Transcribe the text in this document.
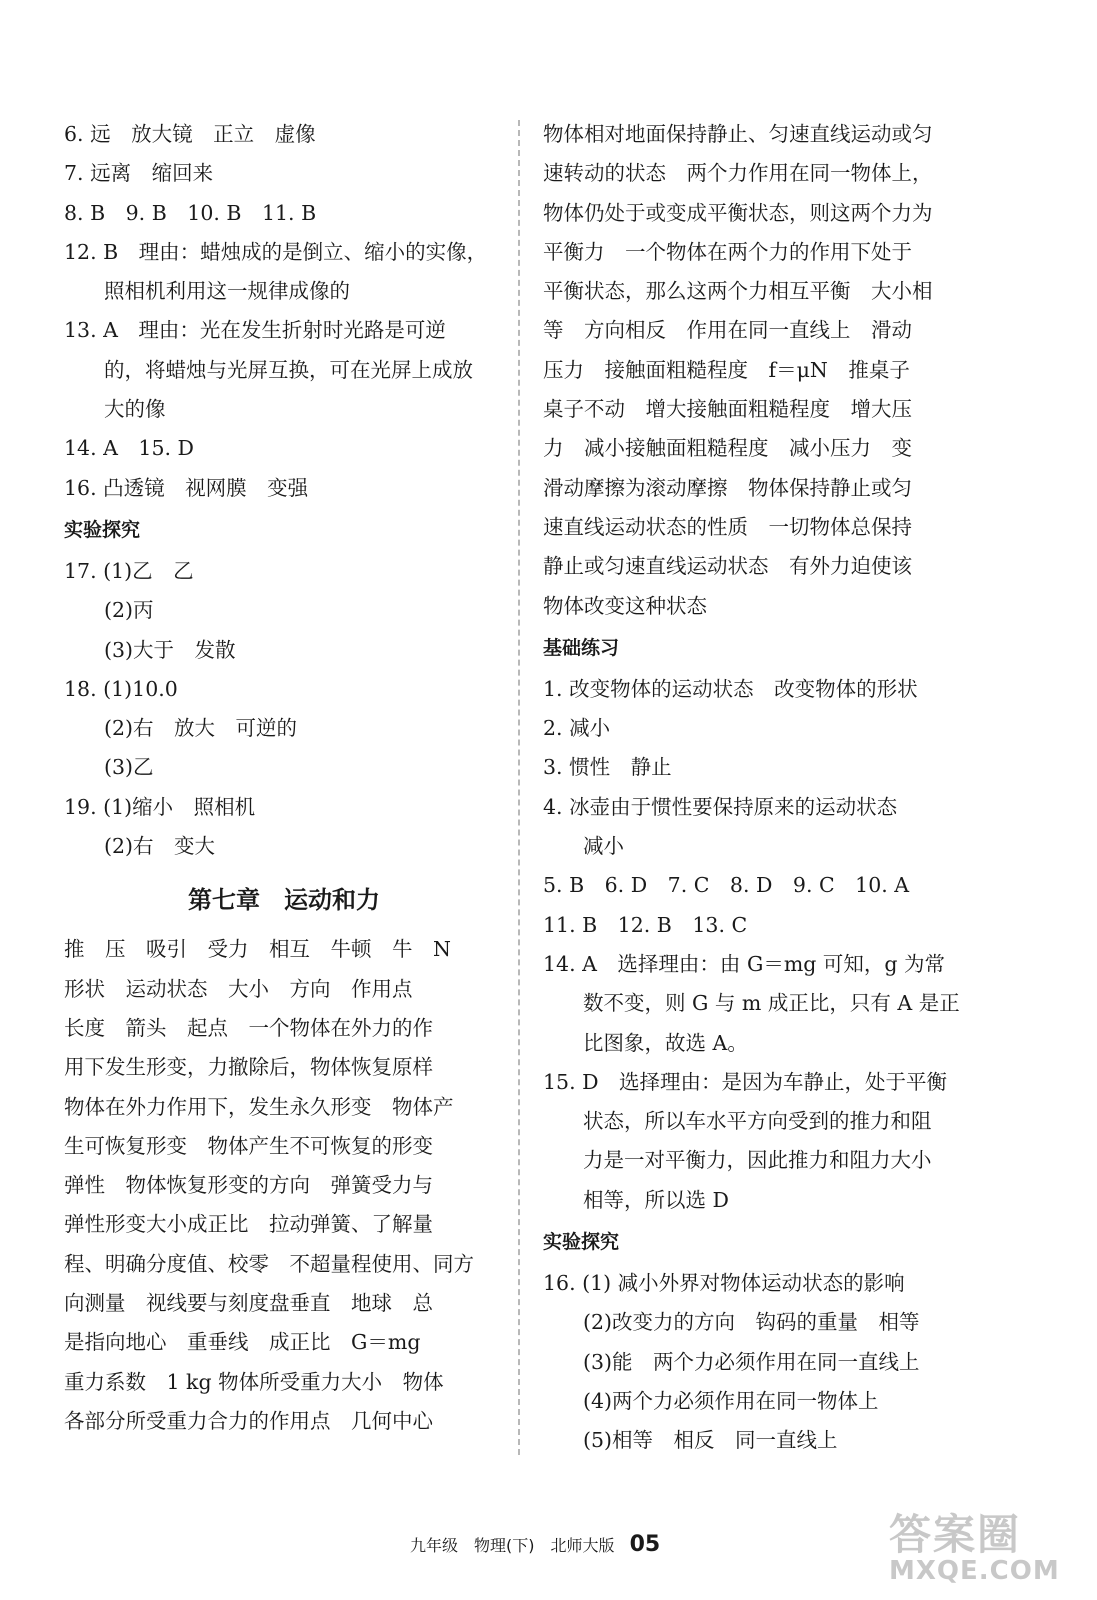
6. 远　放大镜　正立　虚像
7. 远离　缩回来
8. B　9. B　10. B　11. B
12. B　理由：蜡烛成的是倒立、缩小的实像，
照相机利用这一规律成像的
13. A　理由：光在发生折射时光路是可逆
的，将蜡烛与光屏互换，可在光屏上成放
大的像
14. A　15. D
16. 凸透镜　视网膜　变强
实验探究
17. (1)乙　乙
(2)丙
(3)大于　发散
18. (1)10.0
(2)右　放大　可逆的
(3)乙
19. (1)缩小　照相机
(2)右　变大
第七章　运动和力
推　压　吸引　受力　相互　牛顿　牛　N
形状　运动状态　大小　方向　作用点
长度　箭头　起点　一个物体在外力的作
用下发生形变，力撤除后，物体恢复原样
物体在外力作用下，发生永久形变　物体产
生可恢复形变　物体产生不可恢复的形变
弹性　物体恢复形变的方向　弹簧受力与
弹性形变大小成正比　拉动弹簧、了解量
程、明确分度值、校零　不超量程使用、同方
向测量　视线要与刻度盘垂直　地球　总
是指向地心　重垂线　成正比　G＝mg
重力系数　1 kg 物体所受重力大小　物体
各部分所受重力合力的作用点　几何中心
物体相对地面保持静止、匀速直线运动或匀
速转动的状态　两个力作用在同一物体上，
物体仍处于或变成平衡状态，则这两个力为
平衡力　一个物体在两个力的作用下处于
平衡状态，那么这两个力相互平衡　大小相
等　方向相反　作用在同一直线上　滑动
压力　接触面粗糙程度　f＝μN　推桌子
桌子不动　增大接触面粗糙程度　增大压
力　减小接触面粗糙程度　减小压力　变
滑动摩擦为滚动摩擦　物体保持静止或匀
速直线运动状态的性质　一切物体总保持
静止或匀速直线运动状态　有外力迫使该
物体改变这种状态
基础练习
1. 改变物体的运动状态　改变物体的形状
2. 减小
3. 惯性　静止
4. 冰壶由于惯性要保持原来的运动状态
减小
5. B　6. D　7. C　8. D　9. C　10. A
11. B　12. B　13. C
14. A　选择理由：由 G＝mg 可知，g 为常
数不变，则 G 与 m 成正比，只有 A 是正
比图象，故选 A。
15. D　选择理由：是因为车静止，处于平衡
状态，所以车水平方向受到的推力和阻
力是一对平衡力，因此推力和阻力大小
相等，所以选 D
实验探究
16. (1) 减小外界对物体运动状态的影响
(2)改变力的方向　钩码的重量　相等
(3)能　两个力必须作用在同一直线上
(4)两个力必须作用在同一物体上
(5)相等　相反　同一直线上
九年级　物理(下)　北师大版 05	答案圈
MXQE.COM
